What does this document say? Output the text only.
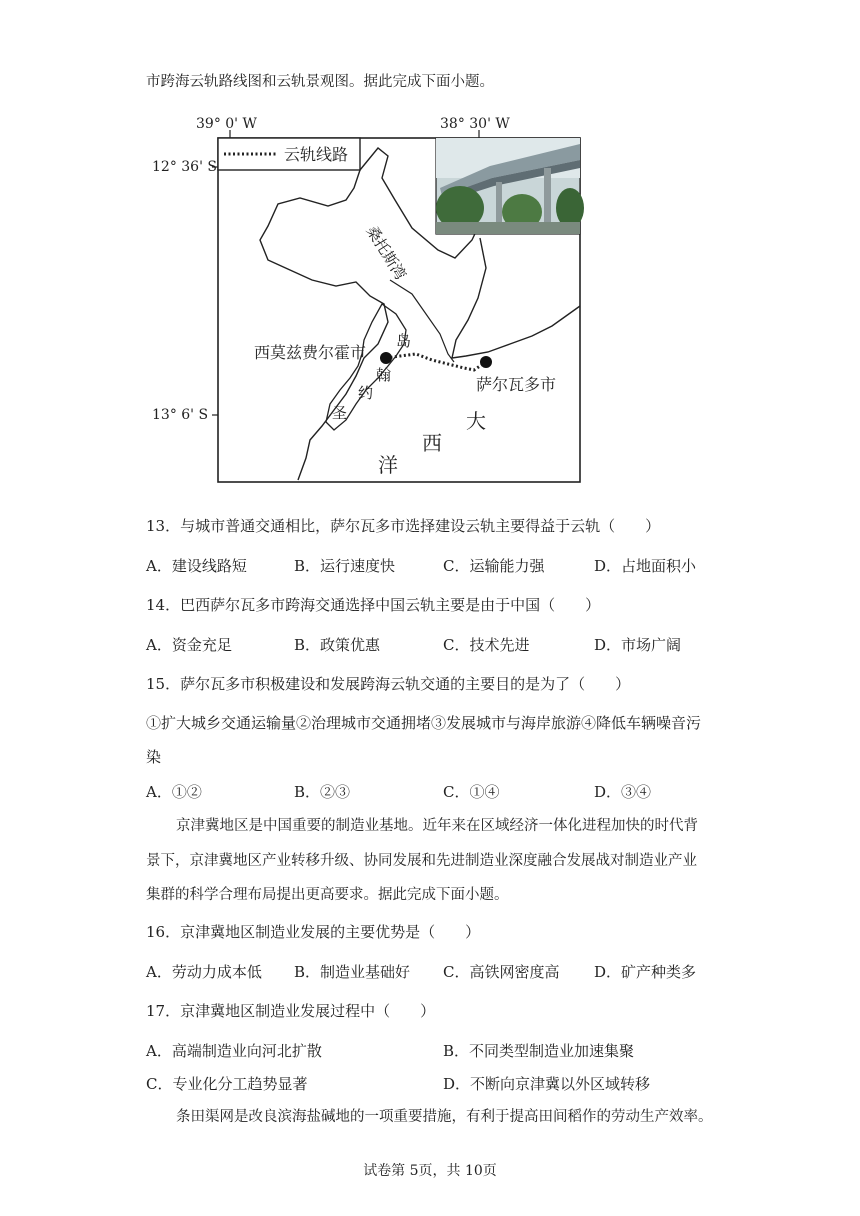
市跨海云轨路线图和云轨景观图。据此完成下面小题。
39° 0' W	38° 30' W
12° 36' S
13° 6' S
云轨线路
桑托斯湾
西莫兹费尔霍市
萨尔瓦多市
岛
翰
约
圣	大
西
洋
13．与城市普通交通相比，萨尔瓦多市选择建设云轨主要得益于云轨（　　）
A．建设线路短	B．运行速度快	C．运输能力强	D．占地面积小
14．巴西萨尔瓦多市跨海交通选择中国云轨主要是由于中国（　　）
A．资金充足	B．政策优惠	C．技术先进	D．市场广阔
15．萨尔瓦多市积极建设和发展跨海云轨交通的主要目的是为了（　　）
①扩大城乡交通运输量②治理城市交通拥堵③发展城市与海岸旅游④降低车辆噪音污
染
A．①②	B．②③	C．①④	D．③④
京津冀地区是中国重要的制造业基地。近年来在区域经济一体化进程加快的时代背
景下，京津冀地区产业转移升级、协同发展和先进制造业深度融合发展战对制造业产业
集群的科学合理布局提出更高要求。据此完成下面小题。
16．京津冀地区制造业发展的主要优势是（　　）
A．劳动力成本低 B．制造业基础好 C．高铁网密度高 D．矿产种类多
17．京津冀地区制造业发展过程中（　　）
A．高端制造业向河北扩散	B．不同类型制造业加速集聚
C．专业化分工趋势显著	D．不断向京津冀以外区域转移
条田渠网是改良滨海盐碱地的一项重要措施，有利于提高田间稻作的劳动生产效率。
试卷第 5页，共 10页
